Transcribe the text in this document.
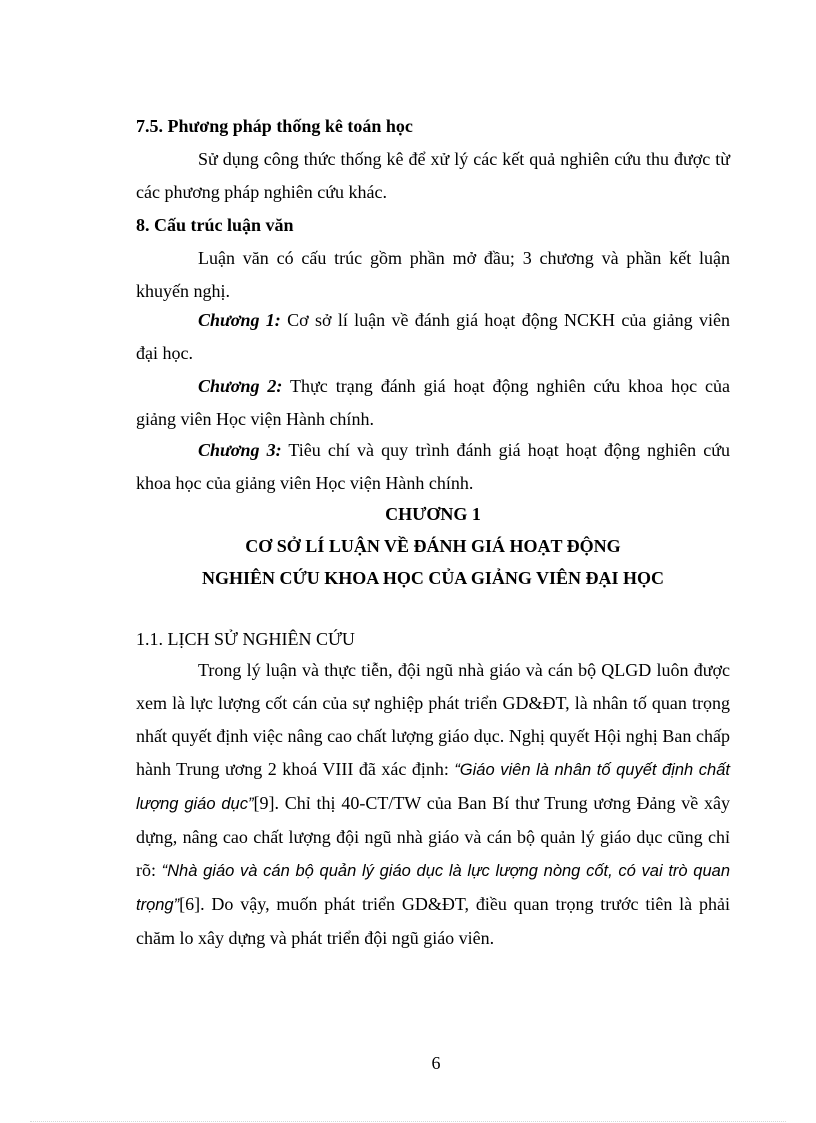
7.5. Phương pháp thống kê toán học
Sử dụng công thức thống kê để xử lý các kết quả nghiên cứu thu được từ các phương pháp nghiên cứu khác.
8. Cấu trúc luận văn
Luận văn có cấu trúc gồm phần mở đầu; 3 chương và phần kết luận khuyến nghị.
Chương 1: Cơ sở lí luận về đánh giá hoạt động NCKH của giảng viên đại học.
Chương 2: Thực trạng đánh giá hoạt động nghiên cứu khoa học của giảng viên Học viện Hành chính.
Chương 3: Tiêu chí và quy trình đánh giá hoạt hoạt động nghiên cứu khoa học của giảng viên Học viện Hành chính.
CHƯƠNG 1
CƠ SỞ LÍ LUẬN VỀ ĐÁNH GIÁ HOẠT ĐỘNG
NGHIÊN CỨU KHOA HỌC CỦA GIẢNG VIÊN ĐẠI HỌC
1.1. LỊCH SỬ NGHIÊN CỨU
Trong lý luận và thực tiễn, đội ngũ nhà giáo và cán bộ QLGD luôn được xem là lực lượng cốt cán của sự nghiệp phát triển GD&ĐT, là nhân tố quan trọng nhất quyết định việc nâng cao chất lượng giáo dục. Nghị quyết Hội nghị Ban chấp hành Trung ương 2 khoá VIII đã xác định: “Giáo viên là nhân tố quyết định chất lượng giáo dục”[9]. Chỉ thị 40-CT/TW của Ban Bí thư Trung ương Đảng về xây dựng, nâng cao chất lượng đội ngũ nhà giáo và cán bộ quản lý giáo dục cũng chỉ rõ: “Nhà giáo và cán bộ quản lý giáo dục là lực lượng nòng cốt, có vai trò quan trọng”[6]. Do vậy, muốn phát triển GD&ĐT, điều quan trọng trước tiên là phải chăm lo xây dựng và phát triển đội ngũ giáo viên.
6
